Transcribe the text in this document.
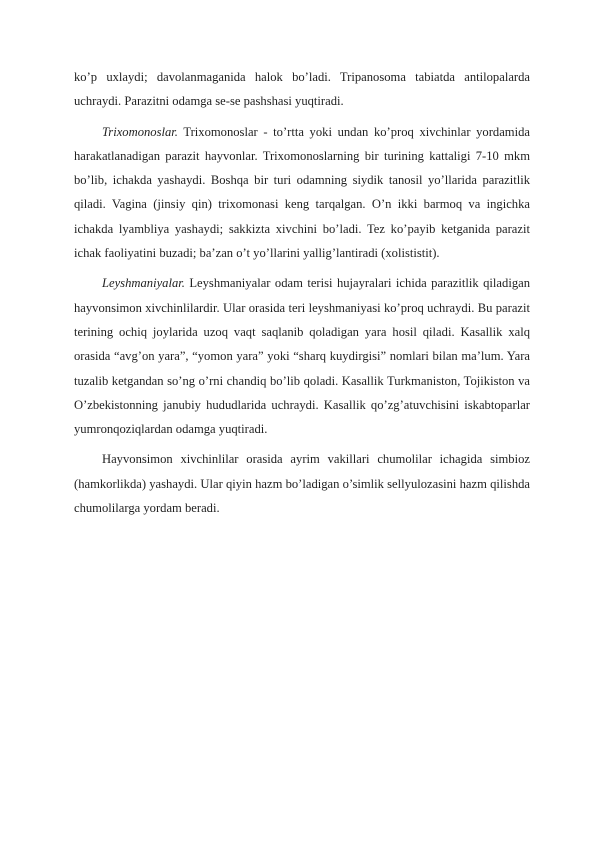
ko’p uxlaydi; davolanmaganida halok bo’ladi. Tripanosoma tabiatda antilopalarda uchraydi. Parazitni odamga se-se pashshasi yuqtiradi.

Trixomonoslar. Trixomonoslar - to’rtta yoki undan ko’proq xivchinlar yordamida harakatlanadigan parazit hayvonlar. Trixomonoslarning bir turining kattaligi 7-10 mkm bo’lib, ichakda yashaydi. Boshqa bir turi odamning siydik tanosil yo’llarida parazitlik qiladi. Vagina (jinsiy qin) trixomonasi keng tarqalgan. O’n ikki barmoq va ingichka ichakda lyambliya yashaydi; sakkizta xivchini bo’ladi. Tez ko’payib ketganida parazit ichak faoliyatini buzadi; ba’zan o’t yo’llarini yallig’lantiradi (xolististit).

Leyshmaniyalar. Leyshmaniyalar odam terisi hujayralari ichida parazitlik qiladigan hayvonsimon xivchinlilardir. Ular orasida teri leyshmaniyasi ko’proq uchraydi. Bu parazit terining ochiq joylarida uzoq vaqt saqlanib qoladigan yara hosil qiladi. Kasallik xalq orasida “avg’on yara”, “yomon yara” yoki “sharq kuydirgisi” nomlari bilan ma’lum. Yara tuzalib ketgandan so’ng o’rni chandiq bo’lib qoladi. Kasallik Turkmaniston, Tojikiston va O’zbekistonning janubiy hududlarida uchraydi. Kasallik qo’zg’atuvchisini iskabtoparlar yumronqoziqlardan odamga yuqtiradi.

Hayvonsimon xivchinlilar orasida ayrim vakillari chumolilar ichagida simbioz (hamkorlikda) yashaydi. Ular qiyin hazm bo’ladigan o’simlik sellyulozasini hazm qilishda chumolilarga yordam beradi.
